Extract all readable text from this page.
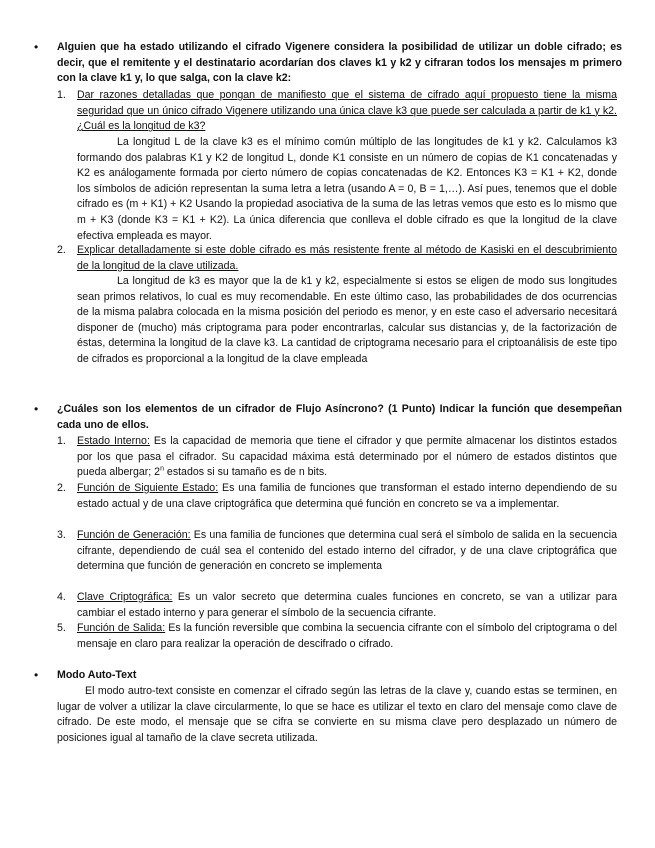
•	Alguien que ha estado utilizando el cifrado Vigenere considera la posibilidad de utilizar un doble cifrado; es decir, que el remitente y el destinatario acordarían dos claves k1 y k2 y cifraran todos los mensajes m primero con la clave k1 y, lo que salga, con la clave k2:
1.	Dar razones detalladas que pongan de manifiesto que el sistema de cifrado aquí propuesto tiene la misma seguridad que un único cifrado Vigenere utilizando una única clave k3 que puede ser calculada a partir de k1 y k2. ¿Cuál es la longitud de k3?
La longitud L de la clave k3 es el mínimo común múltiplo de las longitudes de k1 y k2. Calculamos k3 formando dos palabras K1 y K2 de longitud L, donde K1 consiste en un número de copias de K1 concatenadas y K2 es análogamente formada por cierto número de copias concatenadas de K2. Entonces K3 = K1 + K2, donde los símbolos de adición representan la suma letra a letra (usando A = 0, B = 1,…). Así pues, tenemos que el doble cifrado es (m + K1) + K2 Usando la propiedad asociativa de la suma de las letras vemos que esto es lo mismo que m + K3 (donde K3 = K1 + K2). La única diferencia que conlleva el doble cifrado es que la longitud de la clave efectiva empleada es mayor.
2.	Explicar detalladamente si este doble cifrado es más resistente frente al método de Kasiski en el descubrimiento de la longitud de la clave utilizada.
La longitud de k3 es mayor que la de k1 y k2, especialmente si estos se eligen de modo sus longitudes sean primos relativos, lo cual es muy recomendable. En este último caso, las probabilidades de dos ocurrencias de la misma palabra colocada en la misma posición del periodo es menor, y en este caso el adversario necesitará disponer de (mucho) más criptograma para poder encontrarlas, calcular sus distancias y, de la factorización de éstas, determina la longitud de la clave k3. La cantidad de criptograma necesario para el criptoanálisis de este tipo de cifrados es proporcional a la longitud de la clave empleada
•	¿Cuáles son los elementos de un cifrador de Flujo Asíncrono? (1 Punto) Indicar la función que desempeñan cada uno de ellos.
1.	Estado Interno: Es la capacidad de memoria que tiene el cifrador y que permite almacenar los distintos estados por los que pasa el cifrador. Su capacidad máxima está determinado por el número de estados distintos que pueda albergar; 2$^n$ estados si su tamaño es de n bits.
2.	Función de Siguiente Estado: Es una familia de funciones que transforman el estado interno dependiendo de su estado actual y de una clave criptográfica que determina qué función en concreto se va a implementar.
3.	Función de Generación: Es una familia de funciones que determina cual será el símbolo de salida en la secuencia cifrante, dependiendo de cuál sea el contenido del estado interno del cifrador, y de una clave criptográfica que determina que función de generación en concreto se implementa
4.	Clave Criptográfica: Es un valor secreto que determina cuales funciones en concreto, se van a utilizar para cambiar el estado interno y para generar el símbolo de la secuencia cifrante.
5.	Función de Salida: Es la función reversible que combina la secuencia cifrante con el símbolo del criptograma o del mensaje en claro para realizar la operación de descifrado o cifrado.
•	Modo Auto-Text
El modo autro-text consiste en comenzar el cifrado según las letras de la clave y, cuando estas se terminen, en lugar de volver a utilizar la clave circularmente, lo que se hace es utilizar el texto en claro del mensaje como clave de cifrado. De este modo, el mensaje que se cifra se convierte en su misma clave pero desplazado un número de posiciones igual al tamaño de la clave secreta utilizada.
